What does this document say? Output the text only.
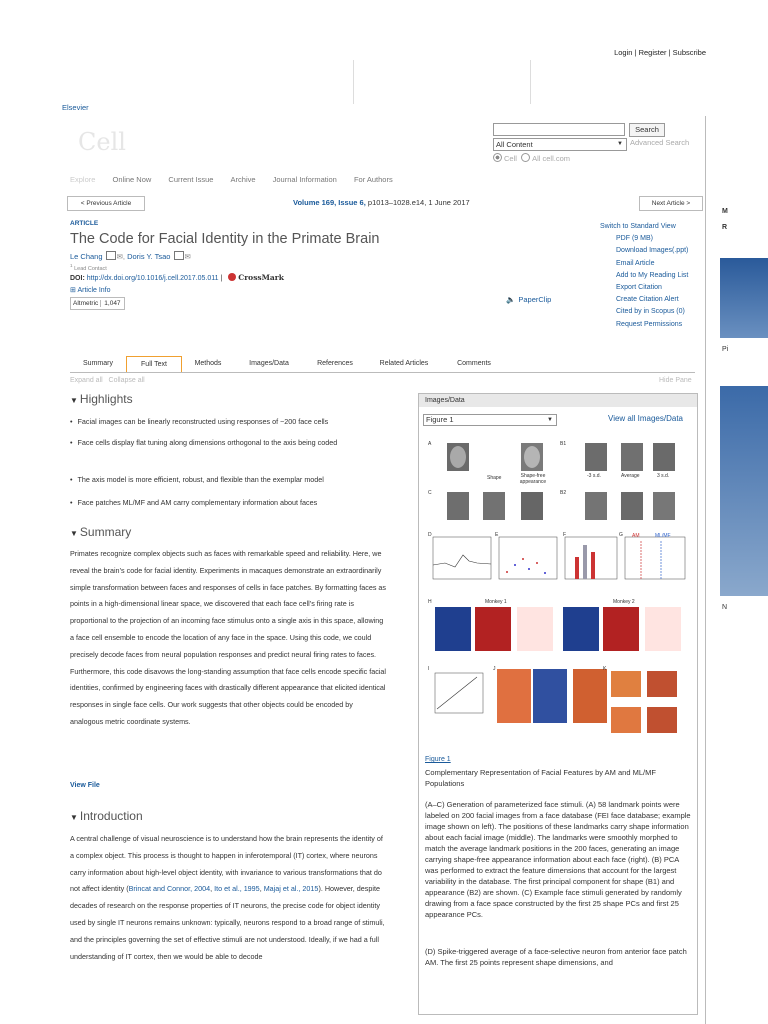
Login | Register | Subscribe
Elsevier
Cell	Search
All Content	▼ Advanced Search
Cell All cell.com
Explore Online Now Current Issue Archive Journal Information For Authors
< Previous Article	Next Article >
Volume 169, Issue 6, p1013–1028.e14, 1 June 2017
ARTICLE
The Code for Facial Identity in the Primate Brain
Le Chang ✉, Doris Y. Tsao ✉
$^1$ Lead Contact
DOI: http://dx.doi.org/10.1016/j.cell.2017.05.011 | CrossMark
⊞ Article Info
Altmetric 1,047	🔈 PaperClip
Switch to Standard View
PDF (9 MB)
Download Images(.ppt)
Email Article
Add to My Reading List
Export Citation
Create Citation Alert
Cited by in Scopus (0)
Request Permissions
Summary	Full Text	Methods	Images/Data	References	Related Articles	Comments
Expand all Collapse all	Hide Pane
▼ Highlights
• Facial images can be linearly reconstructed using responses of ~200 face cells
• Face cells display flat tuning along dimensions orthogonal to the axis being coded
• The axis model is more efficient, robust, and flexible than the exemplar model
• Face patches ML/MF and AM carry complementary information about faces
▼ Summary
Primates recognize complex objects such as faces with remarkable speed and reliability. Here, we reveal the brain’s code for facial identity. Experiments in macaques demonstrate an extraordinarily simple transformation between faces and responses of cells in face patches. By formatting faces as points in a high-dimensional linear space, we discovered that each face cell’s firing rate is proportional to the projection of an incoming face stimulus onto a single axis in this space, allowing a face cell ensemble to encode the location of any face in the space. Using this code, we could precisely decode faces from neural population responses and predict neural firing rates to faces. Furthermore, this code disavows the long-standing assumption that face cells encode specific facial identities, confirmed by engineering faces with drastically different appearance that elicited identical responses in single face cells. Our work suggests that other objects could be encoded by analogous metric coordinate systems.
View File
▼ Introduction
A central challenge of visual neuroscience is to understand how the brain represents the identity of a complex object. This process is thought to happen in inferotemporal (IT) cortex, where neurons carry information about high-level object identity, with invariance to various transformations that do not affect identity (Brincat and Connor, 2004, Ito et al., 1995, Majaj et al., 2015). However, despite decades of research on the response properties of IT neurons, the precise code for object identity used by single IT neurons remains unknown: typically, neurons respond to a broad range of stimuli, and the principles governing the set of effective stimuli are not understood. Ideally, if we had a full understanding of IT cortex, then we would be able to decode
Images/Data
Figure 1	▼	View all Images/Data
A	B1
B2
C
D	E	F	G
H
I	J	K
Shape	Shape-free appearance
-3 s.d.	Average	3 s.d.
AM	ML/MF
Monkey 1	Monkey 2
Figure 1
Complementary Representation of Facial Features by AM and ML/MF Populations
(A–C) Generation of parameterized face stimuli. (A) 58 landmark points were labeled on 200 facial images from a face database (FEI face database; example image shown on left). The positions of these landmarks carry shape information about each facial image (middle). The landmarks were smoothly morphed to match the average landmark positions in the 200 faces, generating an image carrying shape-free appearance information about each face (right). (B) PCA was performed to extract the feature dimensions that account for the largest variability in the database. The first principal component for shape (B1) and appearance (B2) are shown. (C) Example face stimuli generated by randomly drawing from a face space constructed by the first 25 shape PCs and first 25 appearance PCs.
(D) Spike-triggered average of a face-selective neuron from anterior face patch AM. The first 25 points represent shape dimensions, and
M
R
Pi
N
